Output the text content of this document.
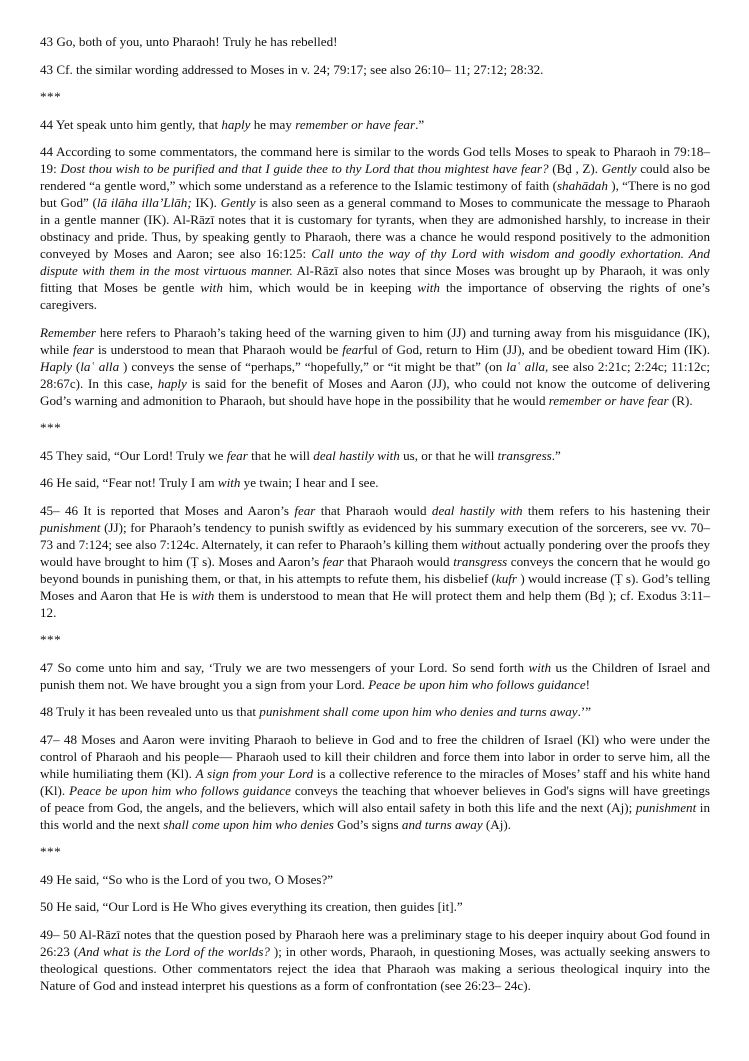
43 Go, both of you, unto Pharaoh! Truly he has rebelled!

43 Cf. the similar wording addressed to Moses in v. 24; 79:17; see also 26:10– 11; 27:12; 28:32.

***

44 Yet speak unto him gently, that haply he may remember or have fear.”

44 According to some commentators, the command here is similar to the words God tells Moses to speak to Pharaoh in 79:18– 19: Dost thou wish to be purified and that I guide thee to thy Lord that thou mightest have fear? (Bḍ , Z). Gently could also be rendered “a gentle word,” which some understand as a reference to the Islamic testimony of faith (shahādah ), “There is no god but God” (lā ilāha illa’Llāh; IK). Gently is also seen as a general command to Moses to communicate the message to Pharaoh in a gentle manner (IK). Al-Rāzī notes that it is customary for tyrants, when they are admonished harshly, to increase in their obstinacy and pride. Thus, by speaking gently to Pharaoh, there was a chance he would respond positively to the admonition conveyed by Moses and Aaron; see also 16:125: Call unto the way of thy Lord with wisdom and goodly exhortation. And dispute with them in the most virtuous manner. Al-Rāzī also notes that since Moses was brought up by Pharaoh, it was only fitting that Moses be gentle with him, which would be in keeping with the importance of observing the rights of one’s caregivers.

Remember here refers to Pharaoh’s taking heed of the warning given to him (JJ) and turning away from his misguidance (IK), while fear is understood to mean that Pharaoh would be fearful of God, return to Him (JJ), and be obedient toward Him (IK). Haply (laʿ alla ) conveys the sense of “perhaps,” “hopefully,” or “it might be that” (on laʿ alla, see also 2:21c; 2:24c; 11:12c; 28:67c). In this case, haply is said for the benefit of Moses and Aaron (JJ), who could not know the outcome of delivering God’s warning and admonition to Pharaoh, but should have hope in the possibility that he would remember or have fear (R).

***

45 They said, “Our Lord! Truly we fear that he will deal hastily with us, or that he will transgress.”

46 He said, “Fear not! Truly I am with ye twain; I hear and I see.

45– 46 It is reported that Moses and Aaron’s fear that Pharaoh would deal hastily with them refers to his hastening their punishment (JJ); for Pharaoh’s tendency to punish swiftly as evidenced by his summary execution of the sorcerers, see vv. 70– 73 and 7:124; see also 7:124c. Alternately, it can refer to Pharaoh’s killing them without actually pondering over the proofs they would have brought to him (Ṭ s). Moses and Aaron’s fear that Pharaoh would transgress conveys the concern that he would go beyond bounds in punishing them, or that, in his attempts to refute them, his disbelief (kufr ) would increase (Ṭ s). God’s telling Moses and Aaron that He is with them is understood to mean that He will protect them and help them (Bḍ ); cf. Exodus 3:11– 12.

***

47 So come unto him and say, ‘Truly we are two messengers of your Lord. So send forth with us the Children of Israel and punish them not. We have brought you a sign from your Lord. Peace be upon him who follows guidance!

48 Truly it has been revealed unto us that punishment shall come upon him who denies and turns away.’”

47– 48 Moses and Aaron were inviting Pharaoh to believe in God and to free the children of Israel (Kl) who were under the control of Pharaoh and his people— Pharaoh used to kill their children and force them into labor in order to serve him, all the while humiliating them (Kl). A sign from your Lord is a collective reference to the miracles of Moses’ staff and his white hand (Kl). Peace be upon him who follows guidance conveys the teaching that whoever believes in God's signs will have greetings of peace from God, the angels, and the believers, which will also entail safety in both this life and the next (Aj); punishment in this world and the next shall come upon him who denies God’s signs and turns away (Aj).

***

49 He said, “So who is the Lord of you two, O Moses?”

50 He said, “Our Lord is He Who gives everything its creation, then guides [it].”

49– 50 Al-Rāzī notes that the question posed by Pharaoh here was a preliminary stage to his deeper inquiry about God found in 26:23 (And what is the Lord of the worlds? ); in other words, Pharaoh, in questioning Moses, was actually seeking answers to theological questions. Other commentators reject the idea that Pharaoh was making a serious theological inquiry into the Nature of God and instead interpret his questions as a form of confrontation (see 26:23– 24c).
